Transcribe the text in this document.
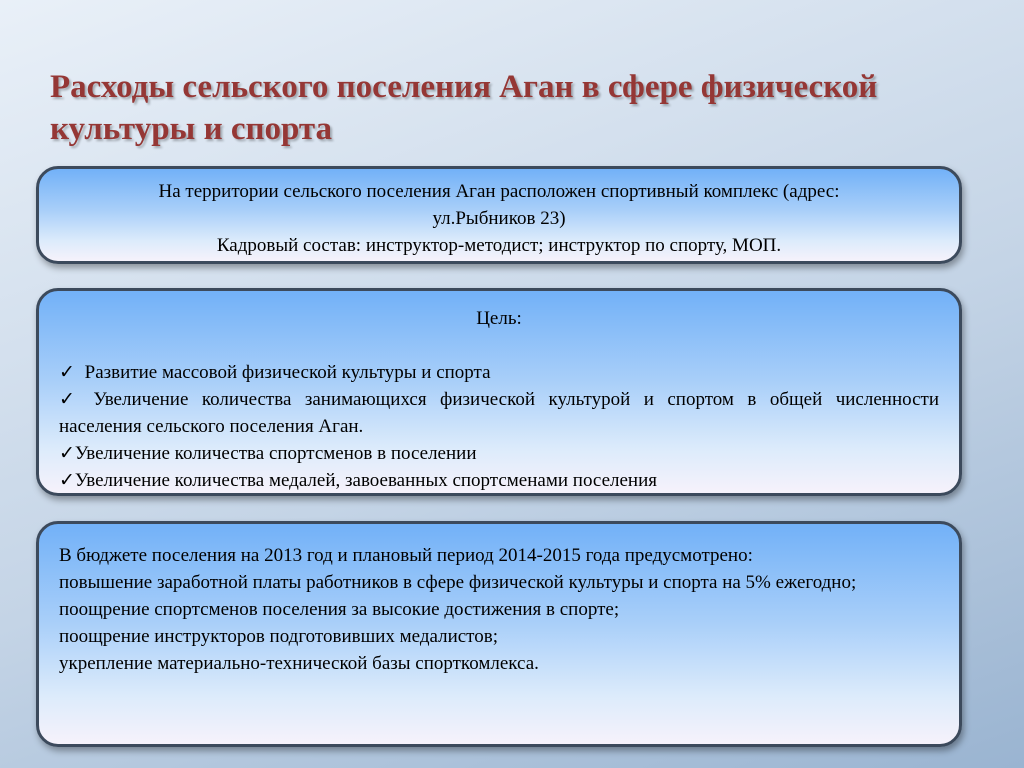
Расходы сельского поселения Аган в сфере физической культуры и спорта
На территории сельского поселения Аган расположен спортивный комплекс (адрес:
ул.Рыбников 23)
Кадровый состав: инструктор-методист; инструктор по спорту, МОП.
Цель:
✓ Развитие массовой физической культуры и спорта
✓ Увеличение количества занимающихся физической культурой и спортом в общей численности населения сельского поселения Аган.
✓Увеличение количества спортсменов в поселении
✓Увеличение количества медалей, завоеванных спортсменами поселения
В бюджете поселения на 2013 год и плановый период 2014-2015 года предусмотрено:
повышение заработной платы работников в сфере физической культуры и спорта на 5% ежегодно;
поощрение спортсменов поселения за высокие достижения в спорте;
поощрение инструкторов подготовивших медалистов;
укрепление материально-технической базы спорткомлекса.
